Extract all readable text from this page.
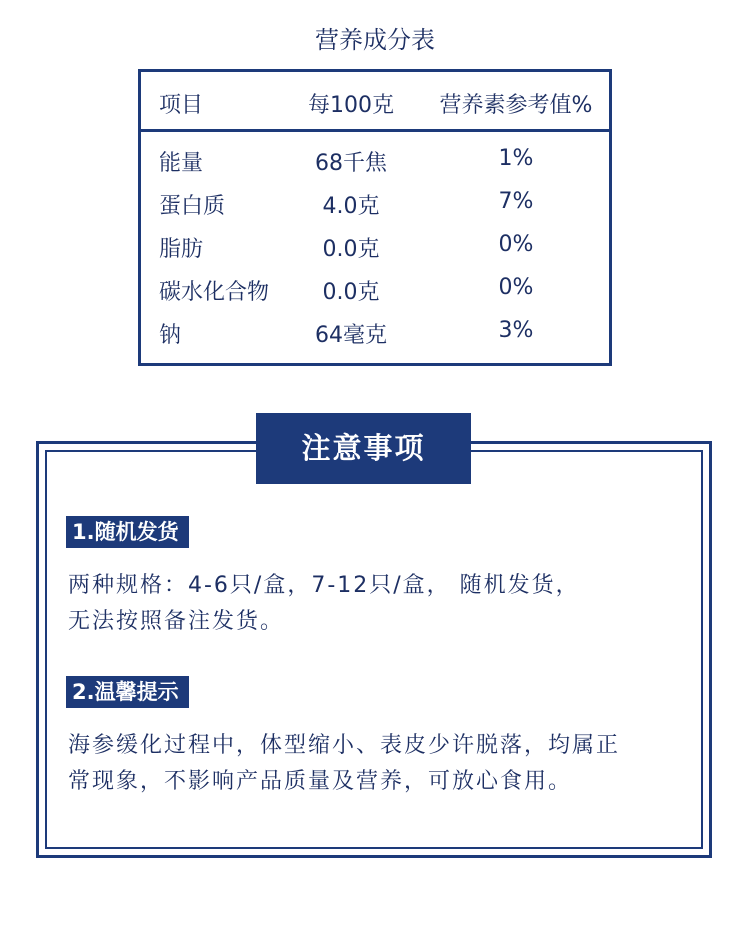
营养成分表
项目	每100克	营养素参考值%
能量	68千焦	1%
蛋白质	4.0克	7%
脂肪	0.0克	0%
碳水化合物	0.0克	0%
钠	64毫克	3%
注意事项
1.随机发货
两种规格：4-6只/盒，7-12只/盒， 随机发货，
无法按照备注发货。
2.温馨提示
海参缓化过程中，体型缩小、表皮少许脱落，均属正
常现象，不影响产品质量及营养，可放心食用。
